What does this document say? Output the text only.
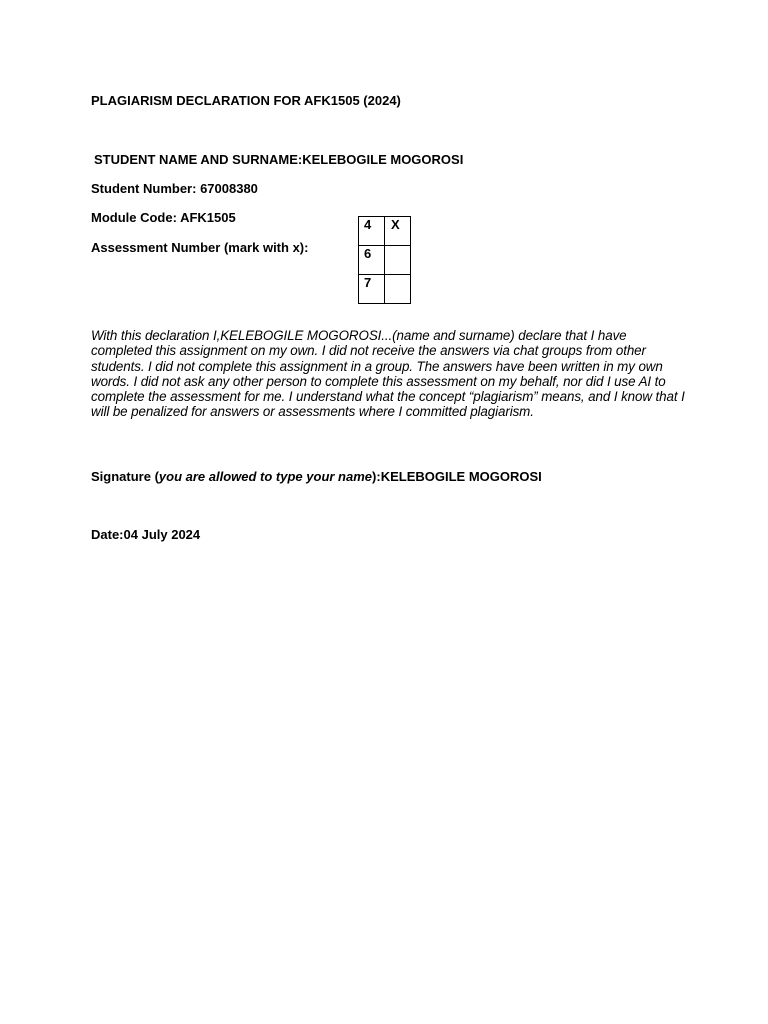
PLAGIARISM DECLARATION FOR AFK1505 (2024)
STUDENT NAME AND SURNAME:KELEBOGILE MOGOROSI
Student Number: 67008380
Module Code: AFK1505
Assessment Number (mark with x):
4	X
6	
7	
With this declaration I,KELEBOGILE MOGOROSI...(name and surname) declare that I have completed this assignment on my own. I did not receive the answers via chat groups from other students. I did not complete this assignment in a group. The answers have been written in my own words. I did not ask any other person to complete this assessment on my behalf, nor did I use AI to complete the assessment for me. I understand what the concept “plagiarism” means, and I know that I will be penalized for answers or assessments where I committed plagiarism.
Signature (you are allowed to type your name):KELEBOGILE MOGOROSI
Date:04 July 2024
